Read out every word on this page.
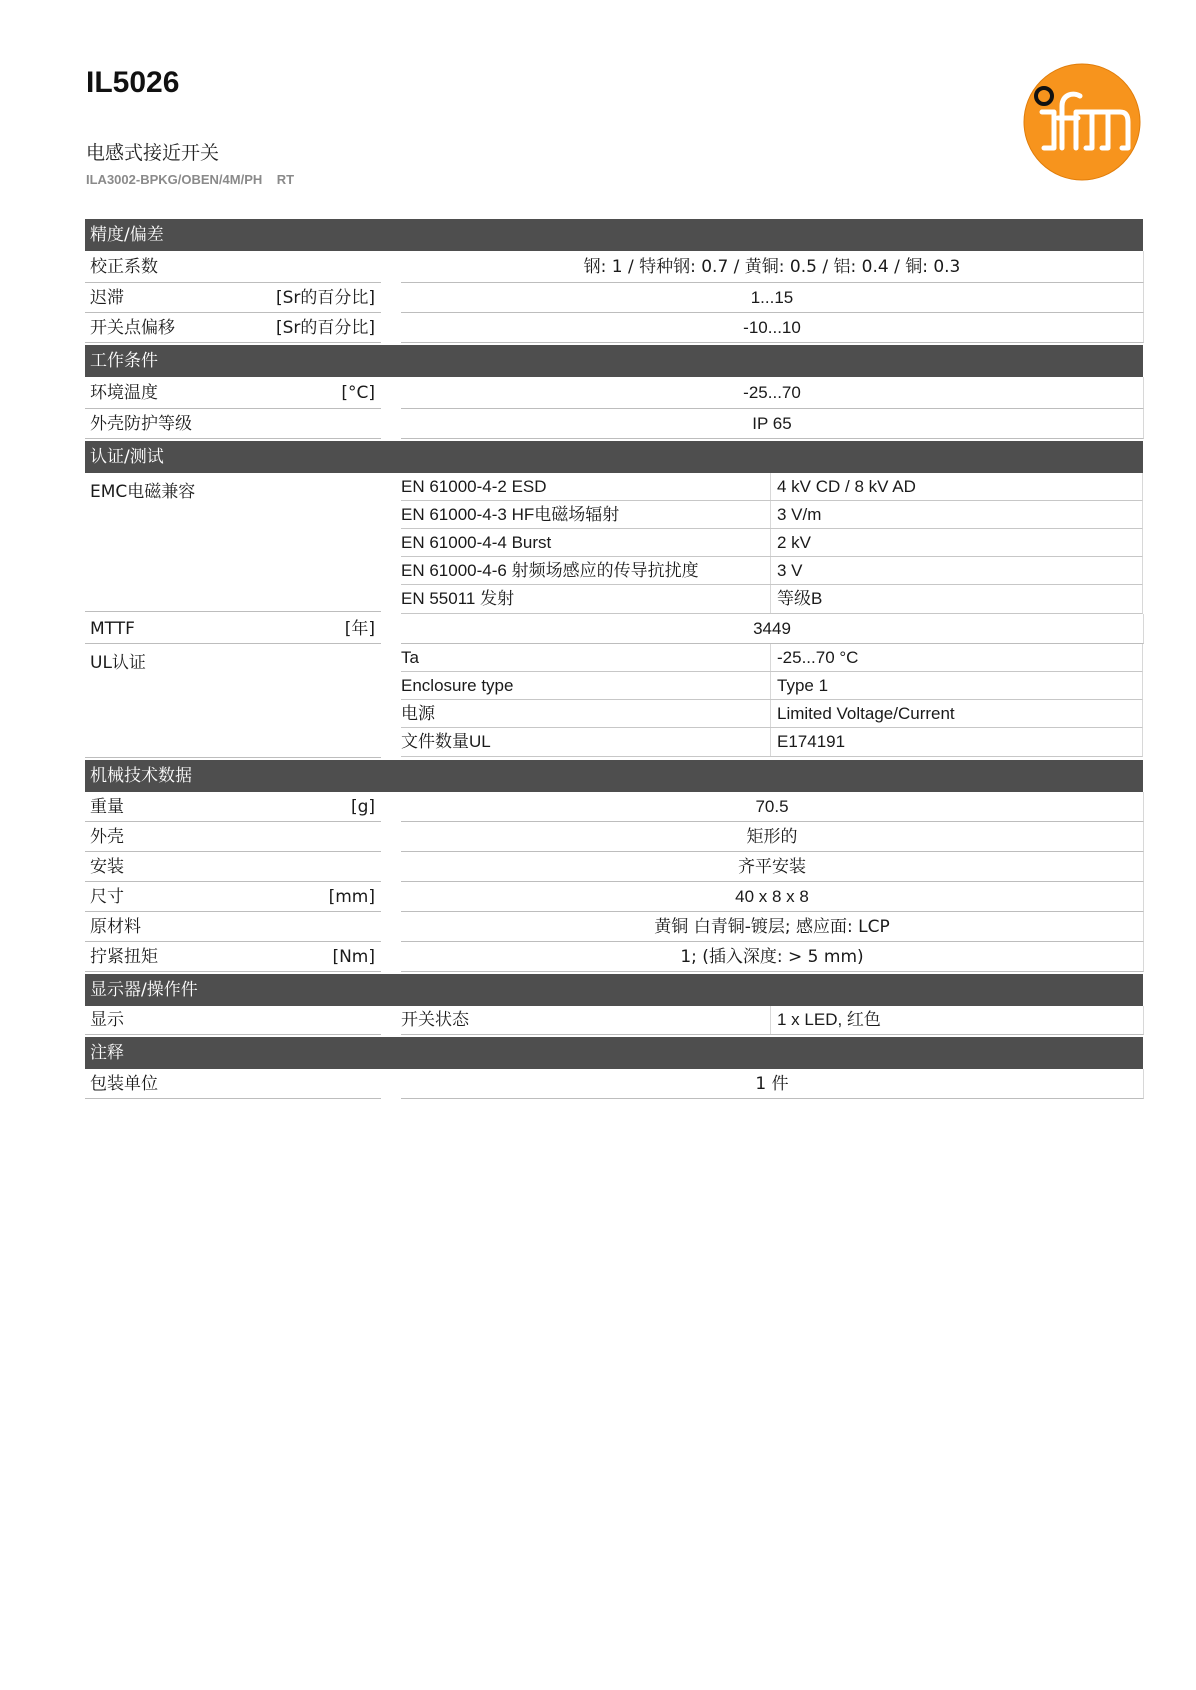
IL5026
电感式接近开关
ILA3002-BPKG/OBEN/4M/PH    RT
精度/偏差
校正系数	钢: 1 / 特种钢: 0.7 / 黄铜: 0.5 / 铝: 0.4 / 铜: 0.3
迟滞	[Sr的百分比]	1...15
开关点偏移	[Sr的百分比]	-10...10
工作条件
环境温度	[°C]	-25...70
外壳防护等级	IP 65
认证/测试
EMC电磁兼容	EN 61000-4-2 ESD	4 kV CD / 8 kV AD
EN 61000-4-3 HF电磁场辐射	3 V/m
EN 61000-4-4 Burst	2 kV
EN 61000-4-6 射频场感应的传导抗扰度	3 V
EN 55011 发射	等级B
MTTF	[年]	3449
UL认证	Ta	-25...70 °C
Enclosure type	Type 1
电源	Limited Voltage/Current
文件数量UL	E174191
机械技术数据
重量	[g]	70.5
外壳	矩形的
安装	齐平安装
尺寸	[mm]	40 x 8 x 8
原材料	黄铜 白青铜-镀层; 感应面: LCP
拧紧扭矩	[Nm]	1; (插入深度: > 5 mm)
显示器/操作件
显示	开关状态	1 x LED, 红色
注释
包装单位	1 件
